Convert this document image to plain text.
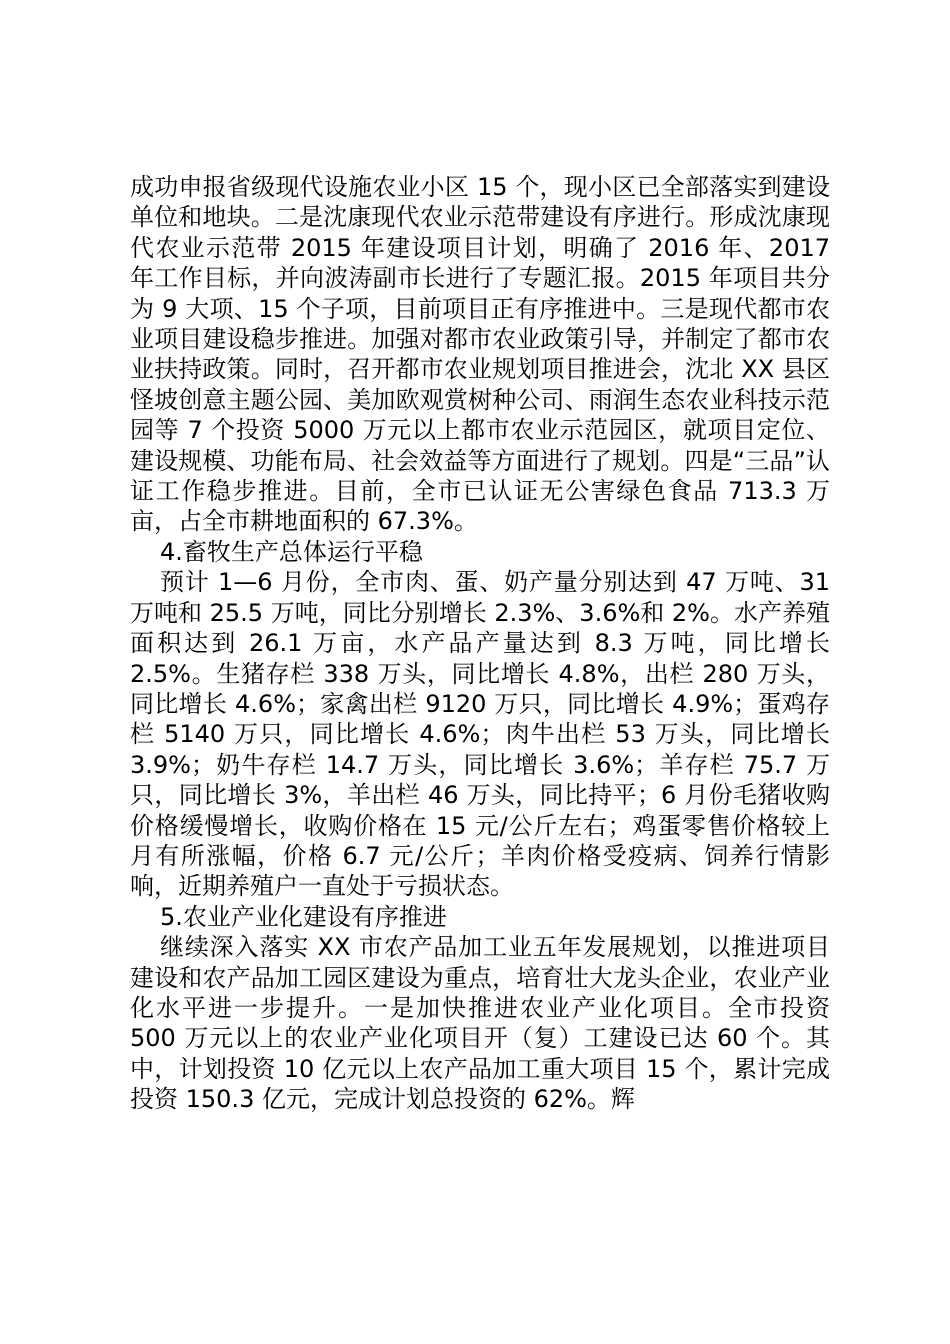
成功申报省级现代设施农业小区 15 个，现小区已全部落实到建设单位和地块。二是沈康现代农业示范带建设有序进行。形成沈康现代农业示范带 2015 年建设项目计划，明确了 2016 年、2017 年工作目标，并向波涛副市长进行了专题汇报。2015 年项目共分为 9 大项、15 个子项，目前项目正有序推进中。三是现代都市农业项目建设稳步推进。加强对都市农业政策引导，并制定了都市农业扶持政策。同时，召开都市农业规划项目推进会，沈北 XX 县区怪坡创意主题公园、美加欧观赏树种公司、雨润生态农业科技示范园等 7 个投资 5000 万元以上都市农业示范园区，就项目定位、建设规模、功能布局、社会效益等方面进行了规划。四是“三品”认证工作稳步推进。目前，全市已认证无公害绿色食品 713.3 万亩，占全市耕地面积的 67.3%。

4.畜牧生产总体运行平稳

预计 1—6 月份，全市肉、蛋、奶产量分别达到 47 万吨、31 万吨和 25.5 万吨，同比分别增长 2.3%、3.6%和 2%。水产养殖面积达到 26.1 万亩，水产品产量达到 8.3 万吨，同比增长 2.5%。生猪存栏 338 万头，同比增长 4.8%，出栏 280 万头，同比增长 4.6%；家禽出栏 9120 万只，同比增长 4.9%；蛋鸡存栏 5140 万只，同比增长 4.6%；肉牛出栏 53 万头，同比增长 3.9%；奶牛存栏 14.7 万头，同比增长 3.6%；羊存栏 75.7 万只，同比增长 3%，羊出栏 46 万头，同比持平；6 月份毛猪收购价格缓慢增长，收购价格在 15 元/公斤左右；鸡蛋零售价格较上月有所涨幅，价格 6.7 元/公斤；羊肉价格受疫病、饲养行情影响，近期养殖户一直处于亏损状态。

5.农业产业化建设有序推进

继续深入落实 XX 市农产品加工业五年发展规划，以推进项目建设和农产品加工园区建设为重点，培育壮大龙头企业，农业产业化水平进一步提升。一是加快推进农业产业化项目。全市投资 500 万元以上的农业产业化项目开（复）工建设已达 60 个。其中，计划投资 10 亿元以上农产品加工重大项目 15 个，累计完成投资 150.3 亿元，完成计划总投资的 62%。辉
